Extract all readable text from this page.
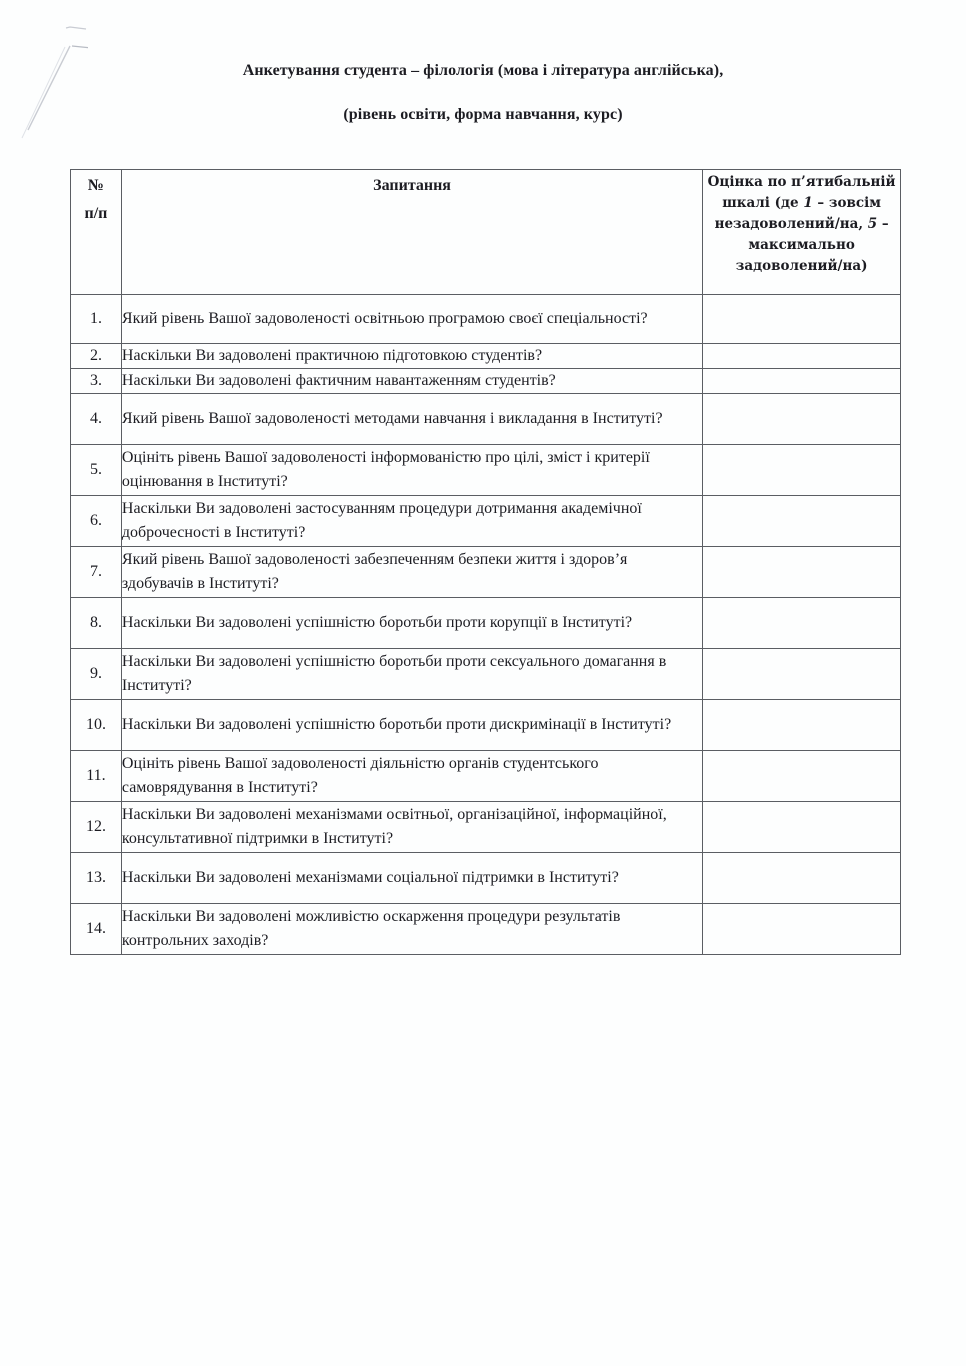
Анкетування студента – філологія (мова і література англійська),
(рівень освіти, форма навчання, курс)
№
п/п	Запитання	Оцінка по п’ятибальній шкалі (де 1 – зовсім незадоволений/на, 5 – максимально задоволений/на)
1.	Який рівень Вашої задоволеності освітньою програмою своєї спеціальності?	
2.	Наскільки Ви задоволені практичною підготовкою студентів?	
3.	Наскільки Ви задоволені фактичним навантаженням студентів?	
4.	Який рівень Вашої задоволеності методами навчання і викладання в Інституті?	
5.	Оцініть рівень Вашої задоволеності інформованістю про цілі, зміст і критерії оцінювання в Інституті?	
6.	Наскільки Ви задоволені застосуванням процедури дотримання академічної доброчесності в Інституті?	
7.	Який рівень Вашої задоволеності забезпеченням безпеки життя і здоров’я здобувачів в Інституті?	
8.	Наскільки Ви задоволені успішністю боротьби проти корупції в Інституті?	
9.	Наскільки Ви задоволені успішністю боротьби проти сексуального домагання в Інституті?	
10.	Наскільки Ви задоволені успішністю боротьби проти дискримінації в Інституті?	
11.	Оцініть рівень Вашої задоволеності діяльністю органів студентського самоврядування в Інституті?	
12.	Наскільки Ви задоволені механізмами освітньої, організаційної, інформаційної, консультативної підтримки в Інституті?	
13.	Наскільки Ви задоволені механізмами соціальної підтримки в Інституті?	
14.	Наскільки Ви задоволені можливістю оскарження процедури результатів контрольних заходів?	
